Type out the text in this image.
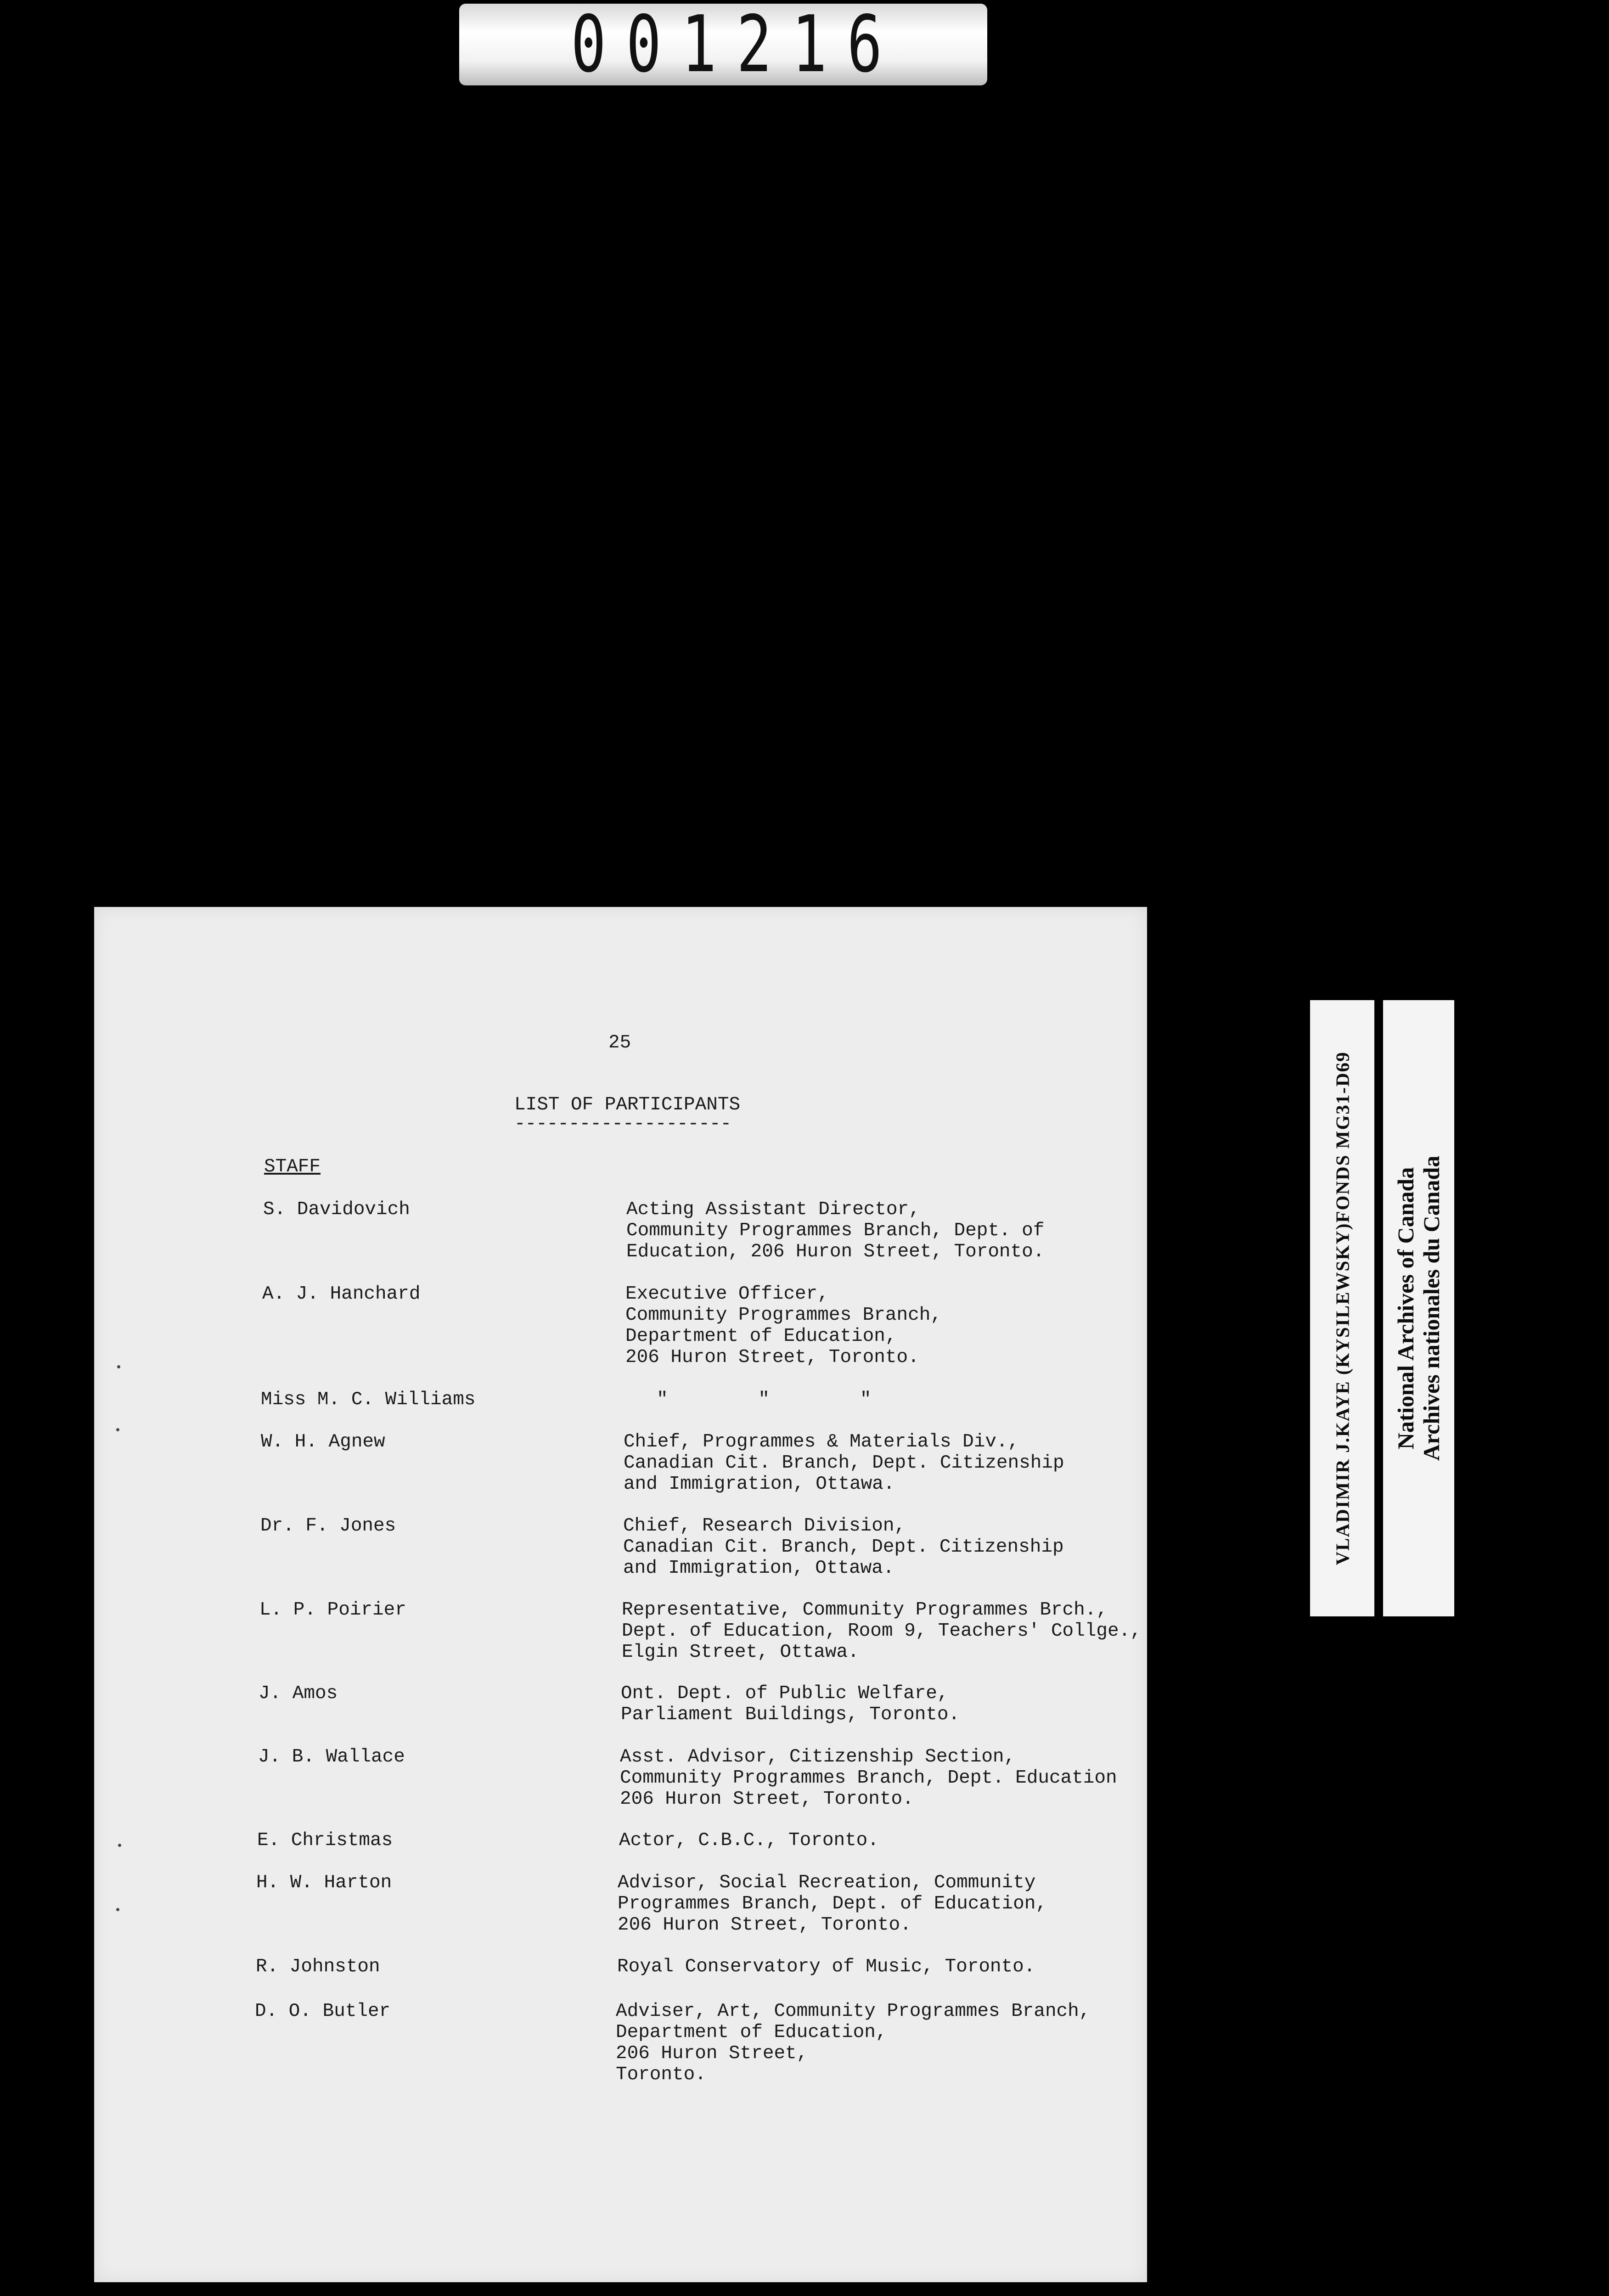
001216
25
LIST OF PARTICIPANTS
--------------------
STAFF
S. Davidovich	Acting Assistant Director,
Community Programmes Branch, Dept. of
Education, 206 Huron Street, Toronto.
A. J. Hanchard	Executive Officer,
Community Programmes Branch,
Department of Education,
206 Huron Street, Toronto.
Miss M. C. Williams	"        "        "
W. H. Agnew	Chief, Programmes & Materials Div.,
Canadian Cit. Branch, Dept. Citizenship
and Immigration, Ottawa.
Dr. F. Jones	Chief, Research Division,
Canadian Cit. Branch, Dept. Citizenship
and Immigration, Ottawa.
L. P. Poirier	Representative, Community Programmes Brch.,
Dept. of Education, Room 9, Teachers' Collge.,
Elgin Street, Ottawa.
J. Amos	Ont. Dept. of Public Welfare,
Parliament Buildings, Toronto.
J. B. Wallace	Asst. Advisor, Citizenship Section,
Community Programmes Branch, Dept. Education
206 Huron Street, Toronto.
E. Christmas	Actor, C.B.C., Toronto.
H. W. Harton	Advisor, Social Recreation, Community
Programmes Branch, Dept. of Education,
206 Huron Street, Toronto.
R. Johnston	Royal Conservatory of Music, Toronto.
D. O. Butler	Adviser, Art, Community Programmes Branch,
Department of Education,
206 Huron Street,
Toronto.
VLADIMIR J.KAYE (KYSILEWSKY)FONDS MG31-D69 National Archives of Canada Archives nationales du Canada
